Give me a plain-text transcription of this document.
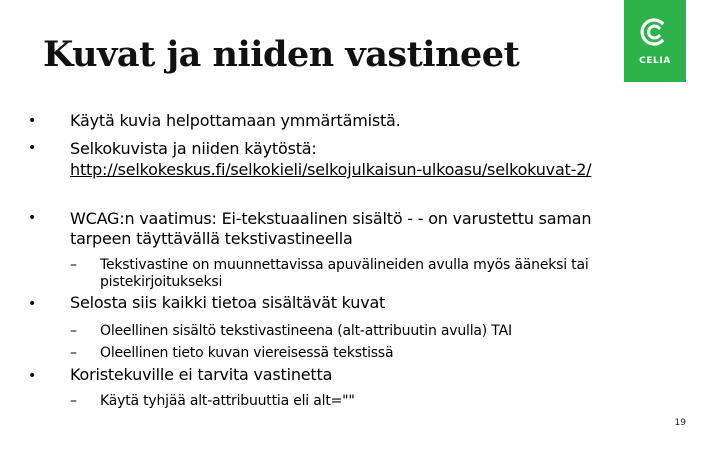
Kuvat ja niiden vastineet	CELIA
• Käytä kuvia helpottamaan ymmärtämistä.
• Selkokuvista ja niiden käytöstä:
http://selkokeskus.fi/selkokieli/selkojulkaisun-ulkoasu/selkokuvat-2/
• WCAG:n vaatimus: Ei-tekstuaalinen sisältö - - on varustettu saman
tarpeen täyttävällä tekstivastineella
• Selosta siis kaikki tietoa sisältävät kuvat
• Koristekuville ei tarvita vastinetta
– Tekstivastine on muunnettavissa apuvälineiden avulla myös ääneksi tai
pistekirjoitukseksi
– Oleellinen sisältö tekstivastineena (alt-attribuutin avulla) TAI
– Oleellinen tieto kuvan viereisessä tekstissä
– Käytä tyhjää alt-attribuuttia eli alt=""
19
